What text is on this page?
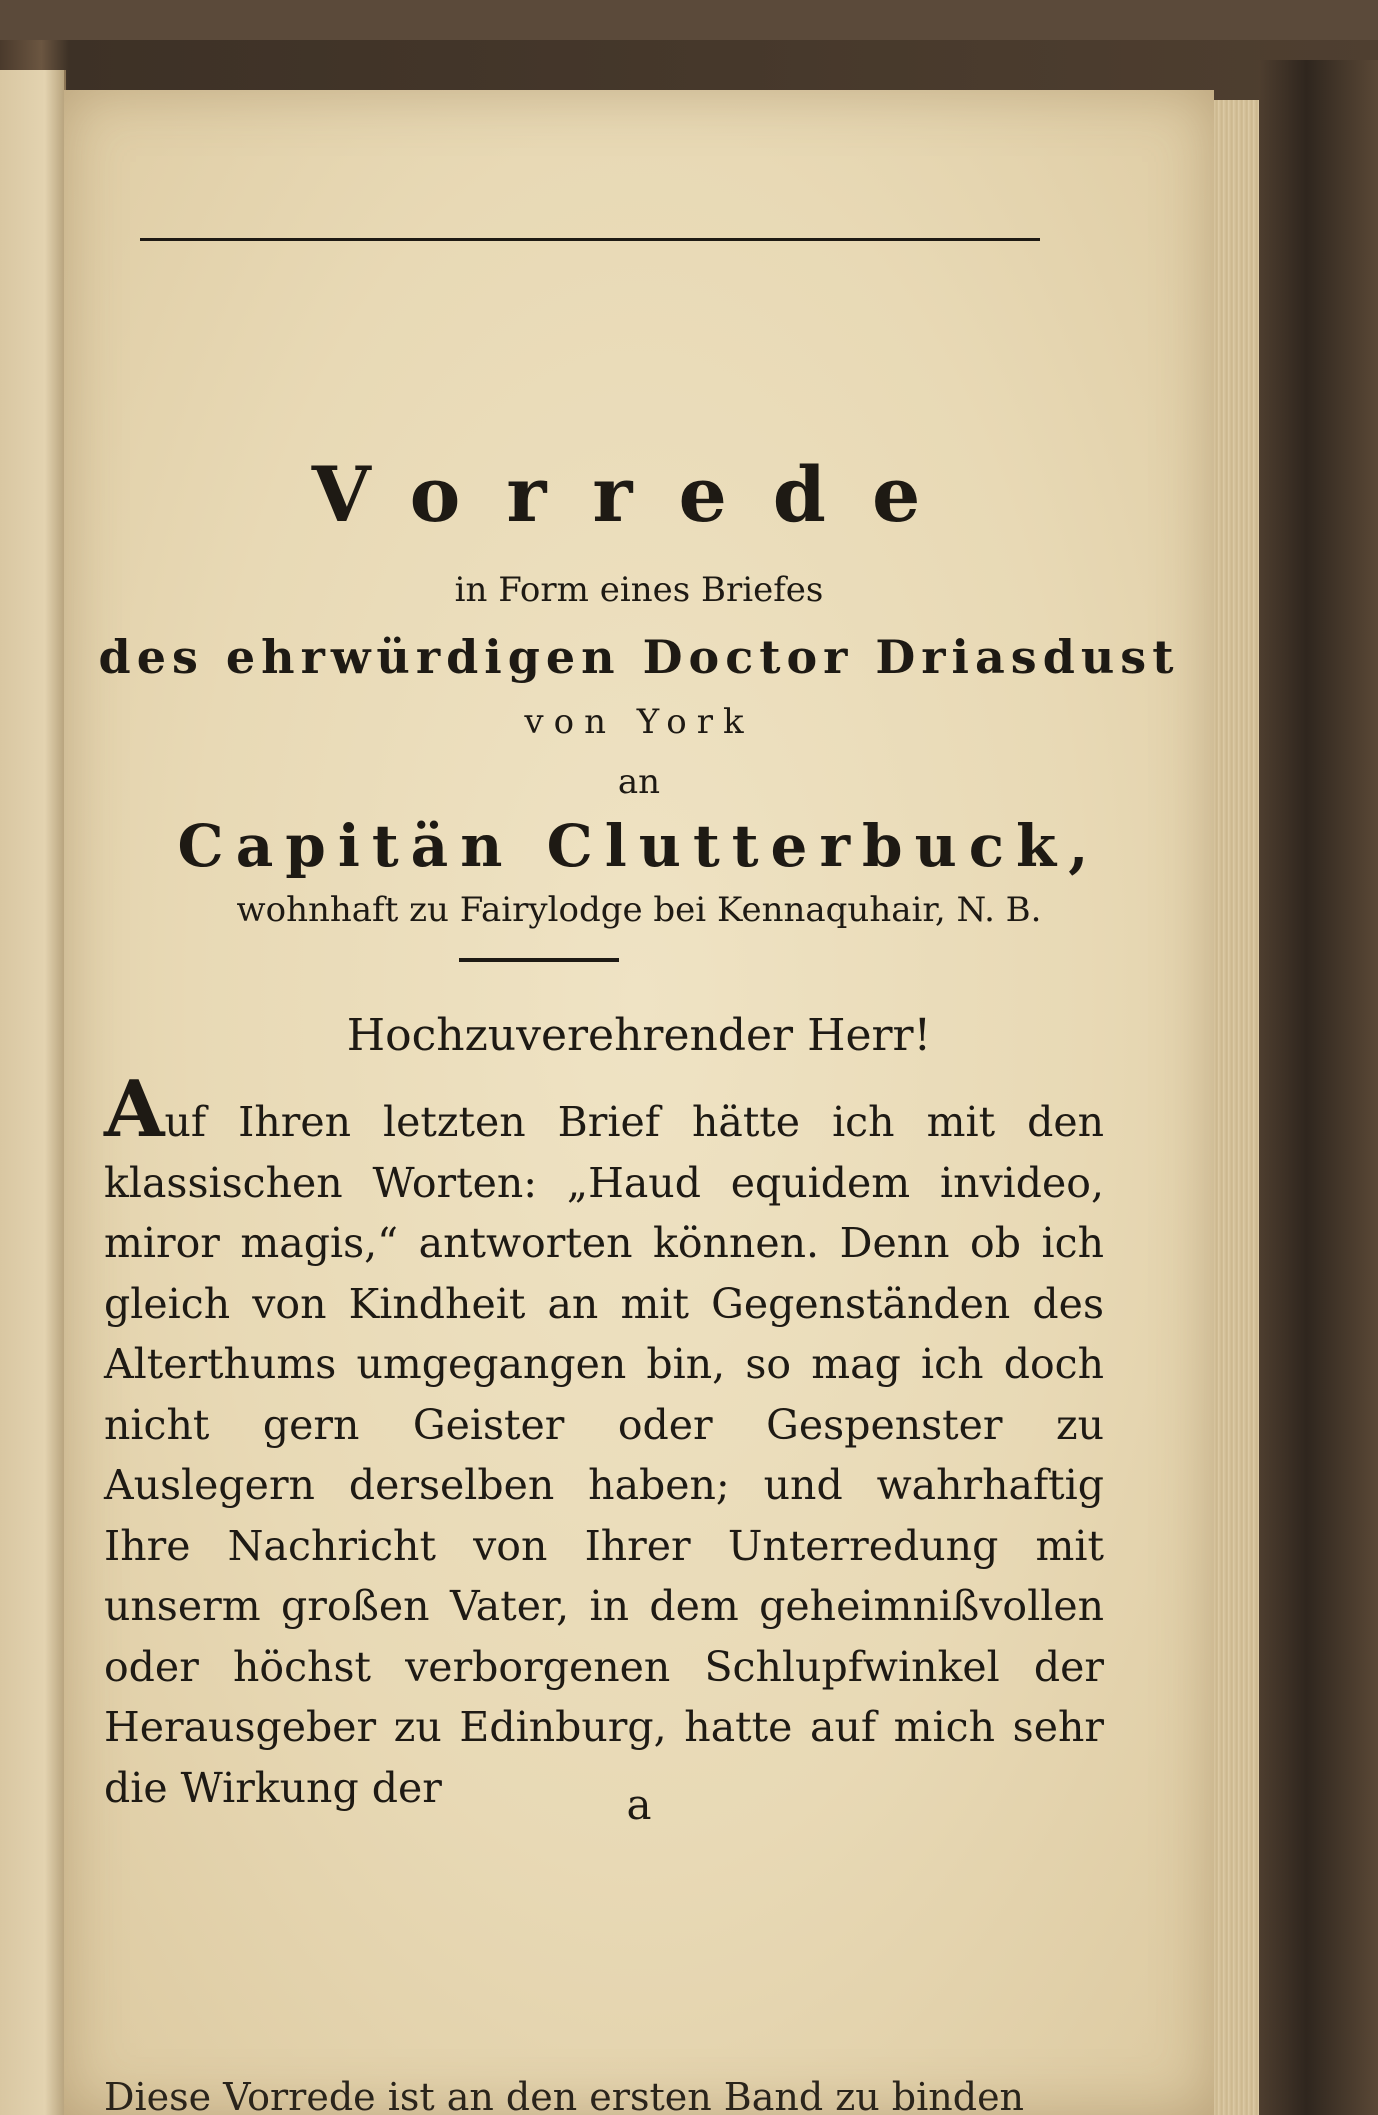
Vorrede
in Form eines Briefes
des ehrwürdigen Doctor Driasdust
von York
an
Capitän Clutterbuck,
wohnhaft zu Fairylodge bei Kennaquhair, N. B.
Hochzuverehrender Herr!

Auf Ihren letzten Brief hätte ich mit den klassischen Worten: „Haud equidem invideo, miror magis,“ antworten können. Denn ob ich gleich von Kindheit an mit Gegenständen des Alterthums umgegangen bin, so mag ich doch nicht gern Geister oder Gespenster zu Auslegern derselben haben; und wahrhaftig Ihre Nachricht von Ihrer Unterredung mit unserm großen Vater, in dem geheimnißvollen oder höchst verborgenen Schlupfwinkel der Herausgeber zu Edinburg, hatte auf mich sehr die Wirkung der	a
Diese Vorrede ist an den ersten Band zu binden
